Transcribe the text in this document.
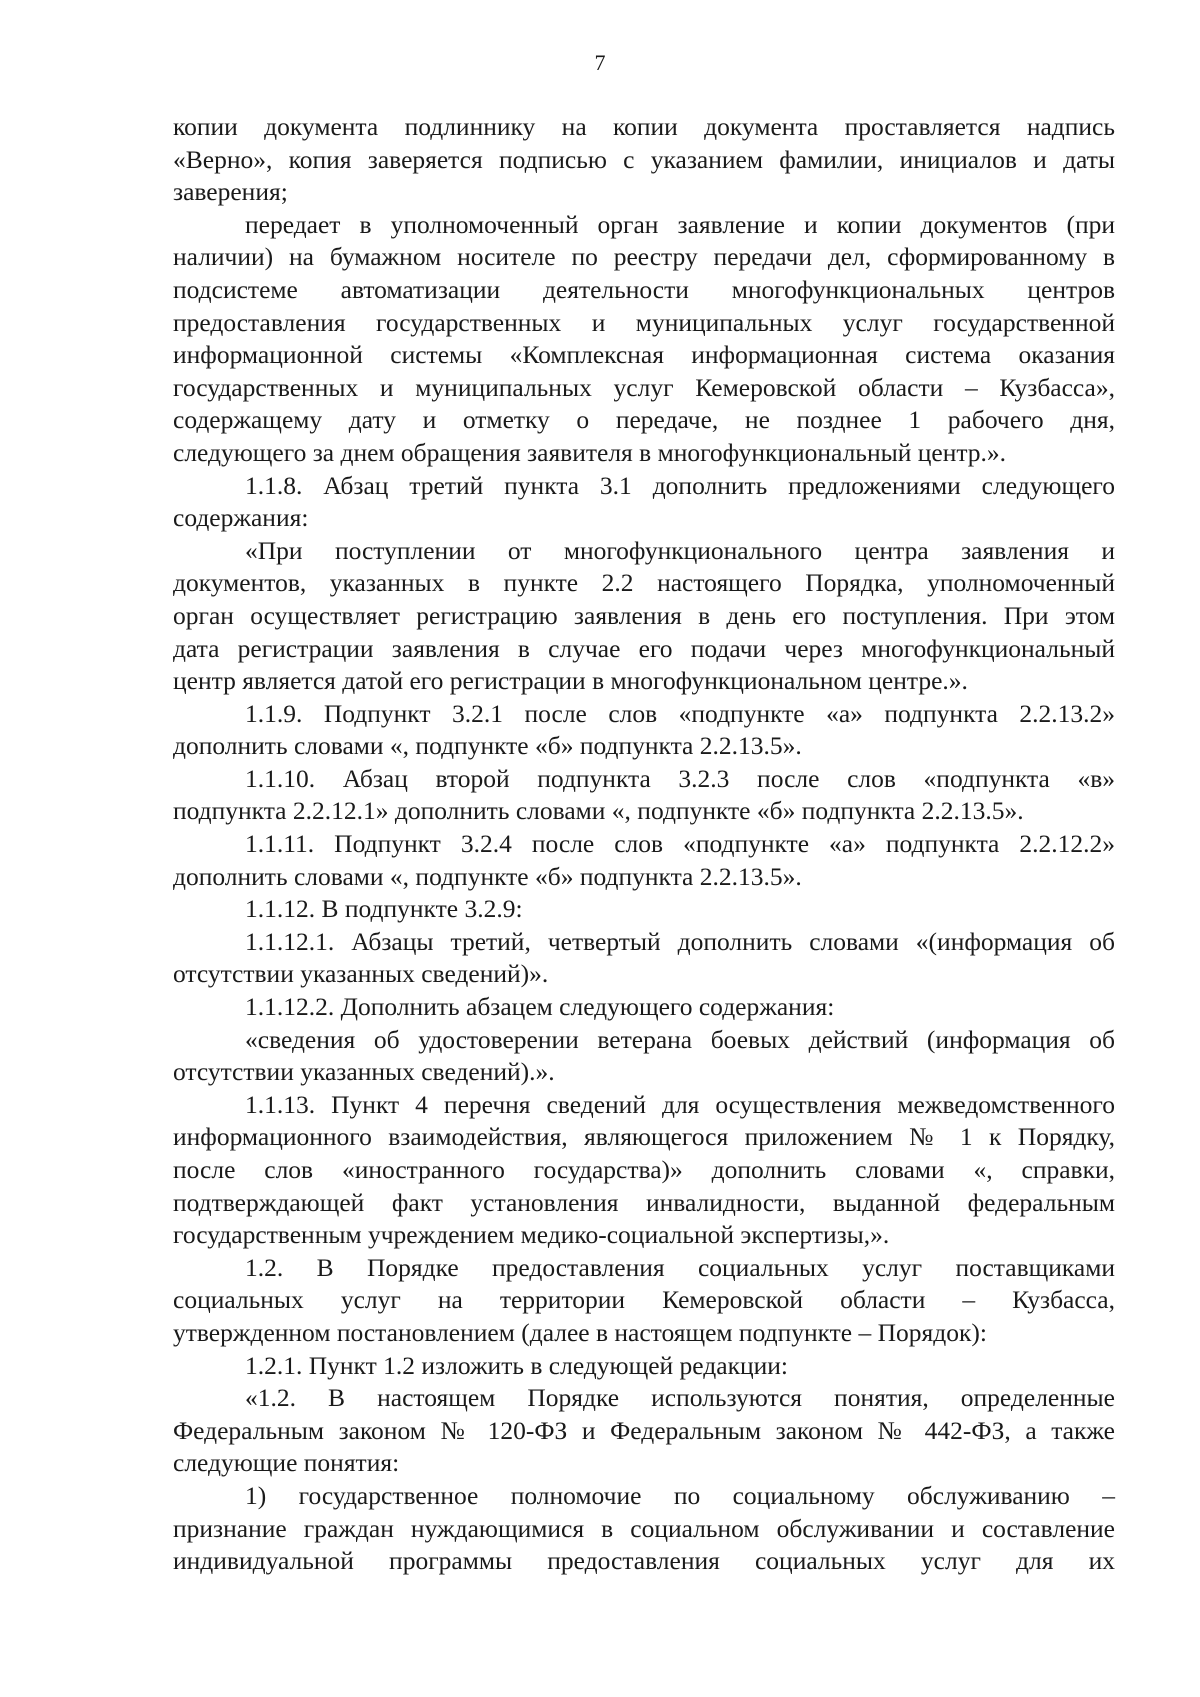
7

копии документа подлиннику на копии документа проставляется надпись

«Верно», копия заверяется подписью с указанием фамилии, инициалов и даты

заверения;

передает в уполномоченный орган заявление и копии документов (при

наличии) на бумажном носителе по реестру передачи дел, сформированному в

подсистеме автоматизации деятельности многофункциональных центров

предоставления государственных и муниципальных услуг государственной

информационной системы «Комплексная информационная система оказания

государственных и муниципальных услуг Кемеровской области – Кузбасса»,

содержащему дату и отметку о передаче, не позднее 1 рабочего дня,

следующего за днем обращения заявителя в многофункциональный центр.».

1.1.8. Абзац третий пункта 3.1 дополнить предложениями следующего

содержания:

«При поступлении от многофункционального центра заявления и

документов, указанных в пункте 2.2 настоящего Порядка, уполномоченный

орган осуществляет регистрацию заявления в день его поступления. При этом

дата регистрации заявления в случае его подачи через многофункциональный

центр является датой его регистрации в многофункциональном центре.».

1.1.9. Подпункт 3.2.1 после слов «подпункте «а» подпункта 2.2.13.2»

дополнить словами «, подпункте «б» подпункта 2.2.13.5».

1.1.10. Абзац второй подпункта 3.2.3 после слов «подпункта «в»

подпункта 2.2.12.1» дополнить словами «, подпункте «б» подпункта 2.2.13.5».

1.1.11. Подпункт 3.2.4 после слов «подпункте «а» подпункта 2.2.12.2»

дополнить словами «, подпункте «б» подпункта 2.2.13.5».

1.1.12. В подпункте 3.2.9:

1.1.12.1. Абзацы третий, четвертый дополнить словами «(информация об

отсутствии указанных сведений)».

1.1.12.2. Дополнить абзацем следующего содержания:

«сведения об удостоверении ветерана боевых действий (информация об

отсутствии указанных сведений).».

1.1.13. Пункт 4 перечня сведений для осуществления межведомственного

информационного взаимодействия, являющегося приложением № 1 к Порядку,

после слов «иностранного государства)» дополнить словами «, справки,

подтверждающей факт установления инвалидности, выданной федеральным

государственным учреждением медико-социальной экспертизы,».

1.2. В Порядке предоставления социальных услуг поставщиками

социальных услуг на территории Кемеровской области – Кузбасса,

утвержденном постановлением (далее в настоящем подпункте – Порядок):

1.2.1. Пункт 1.2 изложить в следующей редакции:

«1.2. В настоящем Порядке используются понятия, определенные

Федеральным законом № 120-ФЗ и Федеральным законом № 442-ФЗ, а также

следующие понятия:

1) государственное полномочие по социальному обслуживанию –

признание граждан нуждающимися в социальном обслуживании и составление

индивидуальной программы предоставления социальных услуг для их
